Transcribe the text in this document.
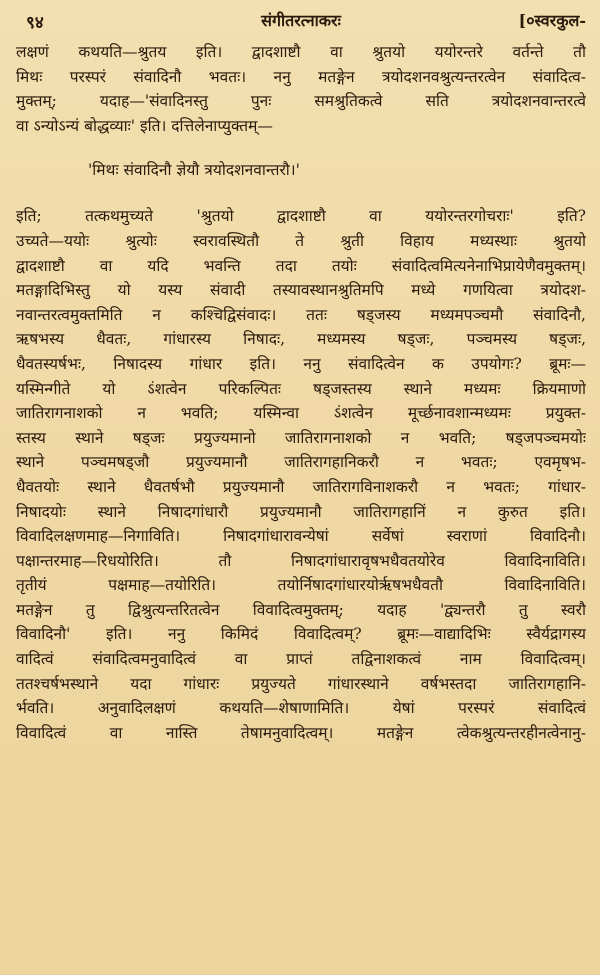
९४	संगीतरत्नाकरः	[०स्वरकुल-
लक्षणं कथयति—श्रुतय इति। द्वादशाष्टौ वा श्रुतयो ययोरन्तरे वर्तन्ते तौ
मिथः परस्परं संवादिनौ भवतः। ननु मतङ्गेन त्रयोदशनवश्रुत्यन्तरत्वेन संवादित्व-
मुक्तम्; यदाह—'संवादिनस्तु पुनः समश्रुतिकत्वे सति त्रयोदशनवान्तरत्वे
वा ऽन्योऽन्यं बोद्धव्याः' इति। दत्तिलेनाप्युक्तम्—
'मिथः संवादिनौ ज्ञेयौ त्रयोदशनवान्तरौ।'
इति; तत्कथमुच्यते 'श्रुतयो द्वादशाष्टौ वा ययोरन्तरगोचराः' इति?
उच्यते—ययोः श्रुत्योः स्वरावस्थितौ ते श्रुती विहाय मध्यस्थाः श्रुतयो
द्वादशाष्टौ वा यदि भवन्ति तदा तयोः संवादित्वमित्यनेनाभिप्रायेणैवमुक्तम्।
मतङ्गादिभिस्तु यो यस्य संवादी तस्यावस्थानश्रुतिमपि मध्ये गणयित्वा त्रयोदश-
नवान्तरत्वमुक्तमिति न कश्चिद्विसंवादः। ततः षड्जस्य मध्यमपञ्चमौ संवादिनौ,
ऋषभस्य धैवतः, गांधारस्य निषादः, मध्यमस्य षड्जः, पञ्चमस्य षड्जः,
धैवतस्यर्षभः, निषादस्य गांधार इति। ननु संवादित्वेन क उपयोगः? ब्रूमः—
यस्मिन्गीते यो ऽंशत्वेन परिकल्पितः षड्जस्तस्य स्थाने मध्यमः क्रियमाणो
जातिरागनाशको न भवति; यस्मिन्वा ऽंशत्वेन मूर्च्छनावशान्मध्यमः प्रयुक्त-
स्तस्य स्थाने षड्जः प्रयुज्यमानो जातिरागनाशको न भवति; षड्जपञ्चमयोः
स्थाने पञ्चमषड्जौ प्रयुज्यमानौ जातिरागहानिकरौ न भवतः; एवमृषभ-
धैवतयोः स्थाने धैवतर्षभौ प्रयुज्यमानौ जातिरागविनाशकरौ न भवतः; गांधार-
निषादयोः स्थाने निषादगांधारौ प्रयुज्यमानौ जातिरागहानिं न कुरुत इति।
विवादिलक्षणमाह—निगाविति। निषादगांधारावन्येषां सर्वेषां स्वराणां विवादिनौ।
पक्षान्तरमाह—रिधयोरिति। तौ निषादगांधारावृषभधैवतयोरेव विवादिनाविति।
तृतीयं पक्षमाह—तयोरिति। तयोर्निषादगांधारयोर्ऋषभधैवतौ विवादिनाविति।
मतङ्गेन तु द्विश्रुत्यन्तरितत्वेन विवादित्वमुक्तम्; यदाह 'द्व्यन्तरौ तु स्वरौ
विवादिनौ' इति। ननु किमिदं विवादित्वम्? ब्रूमः—वाद्यादिभिः स्वैर्यद्रागस्य
वादित्वं संवादित्वमनुवादित्वं वा प्राप्तं तद्विनाशकत्वं नाम विवादित्वम्।
ततश्चर्षभस्थाने यदा गांधारः प्रयुज्यते गांधारस्थाने वर्षभस्तदा जातिरागहानि-
र्भवति। अनुवादिलक्षणं कथयति—शेषाणामिति। येषां परस्परं संवादित्वं
विवादित्वं वा नास्ति तेषामनुवादित्वम्। मतङ्गेन त्वेकश्रुत्यन्तरहीनत्वेनानु-
